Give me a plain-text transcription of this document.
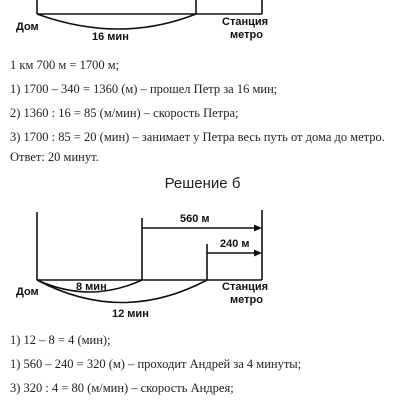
Дом
16 мин
Станция
метро
1 км 700 м = 1700 м;
1) 1700 – 340 = 1360 (м) – прошел Петр за 16 мин;
2) 1360 : 16 = 85 (м/мин) – скорость Петра;
3) 1700 : 85 = 20 (мин) – занимает у Петра весь путь от дома до метро.
Ответ: 20 минут.
Решение б
560 м
240 м
8 мин
12 мин
Дом	Станция
метро
1) 12 – 8 = 4 (мин);
1) 560 – 240 = 320 (м) – проходит Андрей за 4 минуты;
3) 320 : 4 = 80 (м/мин) – скорость Андрея;
